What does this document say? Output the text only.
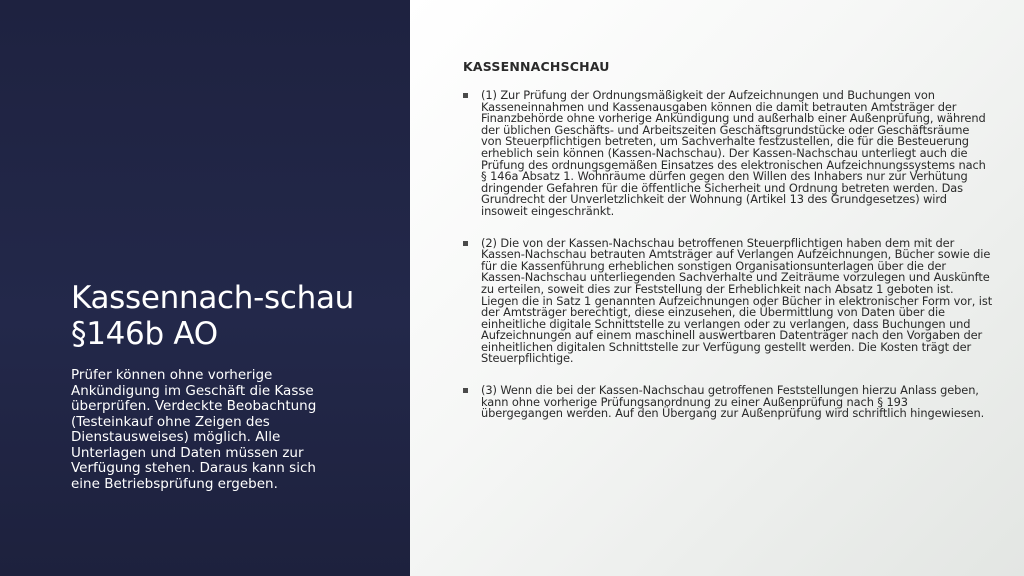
Kassennach-schau §146b AO

Prüfer können ohne vorherige Ankündigung im Geschäft die Kasse überprüfen. Verdeckte Beobachtung (Testeinkauf ohne Zeigen des Dienstausweises) möglich. Alle Unterlagen und Daten müssen zur Verfügung stehen. Daraus kann sich eine Betriebsprüfung ergeben.

KASSENNACHSCHAU
(1) Zur Prüfung der Ordnungsmäßigkeit der Aufzeichnungen und Buchungen von Kasseneinnahmen und Kassenausgaben können die damit betrauten Amtsträger der Finanzbehörde ohne vorherige Ankündigung und außerhalb einer Außenprüfung, während der üblichen Geschäfts- und Arbeitszeiten Geschäftsgrundstücke oder Geschäftsräume von Steuerpflichtigen betreten, um Sachverhalte festzustellen, die für die Besteuerung erheblich sein können (Kassen-Nachschau). Der Kassen-Nachschau unterliegt auch die Prüfung des ordnungsgemäßen Einsatzes des elektronischen Aufzeichnungssystems nach § 146a Absatz 1. Wohnräume dürfen gegen den Willen des Inhabers nur zur Verhütung dringender Gefahren für die öffentliche Sicherheit und Ordnung betreten werden. Das Grundrecht der Unverletzlichkeit der Wohnung (Artikel 13 des Grundgesetzes) wird insoweit eingeschränkt.
(2) Die von der Kassen-Nachschau betroffenen Steuerpflichtigen haben dem mit der Kassen-Nachschau betrauten Amtsträger auf Verlangen Aufzeichnungen, Bücher sowie die für die Kassenführung erheblichen sonstigen Organisationsunterlagen über die der Kassen-Nachschau unterliegenden Sachverhalte und Zeiträume vorzulegen und Auskünfte zu erteilen, soweit dies zur Feststellung der Erheblichkeit nach Absatz 1 geboten ist. Liegen die in Satz 1 genannten Aufzeichnungen oder Bücher in elektronischer Form vor, ist der Amtsträger berechtigt, diese einzusehen, die Übermittlung von Daten über die einheitliche digitale Schnittstelle zu verlangen oder zu verlangen, dass Buchungen und Aufzeichnungen auf einem maschinell auswertbaren Datenträger nach den Vorgaben der einheitlichen digitalen Schnittstelle zur Verfügung gestellt werden. Die Kosten trägt der Steuerpflichtige.
(3) Wenn die bei der Kassen-Nachschau getroffenen Feststellungen hierzu Anlass geben, kann ohne vorherige Prüfungsanordnung zu einer Außenprüfung nach § 193 übergegangen werden. Auf den Übergang zur Außenprüfung wird schriftlich hingewiesen.
